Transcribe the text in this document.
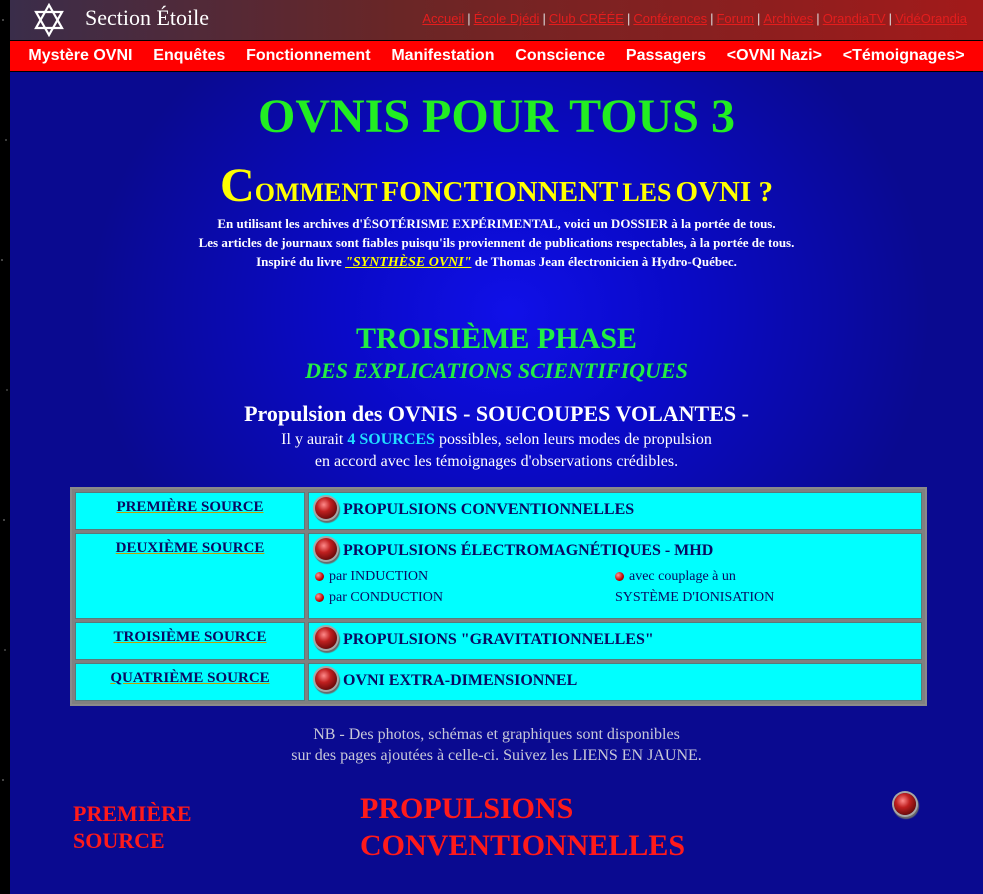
Section Étoile	Accueil | École Djédi | Club CRÉÉE | Conférences | Forum | Archives | OrandiaTV | VidéOrandia
Mystère OVNI Enquêtes Fonctionnement Manifestation Conscience Passagers <OVNI Nazi> <Témoignages>
OVNIS POUR TOUS 3
COMMENT FONCTIONNENT LES OVNI ?
En utilisant les archives d'ÉSOTÉRISME EXPÉRIMENTAL, voici un DOSSIER à la portée de tous.
Les articles de journaux sont fiables puisqu'ils proviennent de publications respectables, à la portée de tous.
Inspiré du livre "SYNTHÈSE OVNI" de Thomas Jean électronicien à Hydro-Québec.
TROISIÈME PHASE
DES EXPLICATIONS SCIENTIFIQUES
Propulsion des OVNIS - SOUCOUPES VOLANTES -
Il y aurait 4 SOURCES possibles, selon leurs modes de propulsion
en accord avec les témoignages d'observations crédibles.
PREMIÈRE SOURCE	PROPULSIONS CONVENTIONNELLES
DEUXIÈME SOURCE	PROPULSIONS ÉLECTROMAGNÉTIQUES - MHD
par INDUCTION
par CONDUCTION
avec couplage à un
SYSTÈME D'IONISATION

TROISIÈME SOURCE	PROPULSIONS "GRAVITATIONNELLES"
QUATRIÈME SOURCE	OVNI EXTRA-DIMENSIONNEL
NB - Des photos, schémas et graphiques sont disponibles
sur des pages ajoutées à celle-ci. Suivez les LIENS EN JAUNE.
PREMIÈRE
SOURCE
PROPULSIONS
CONVENTIONNELLES
